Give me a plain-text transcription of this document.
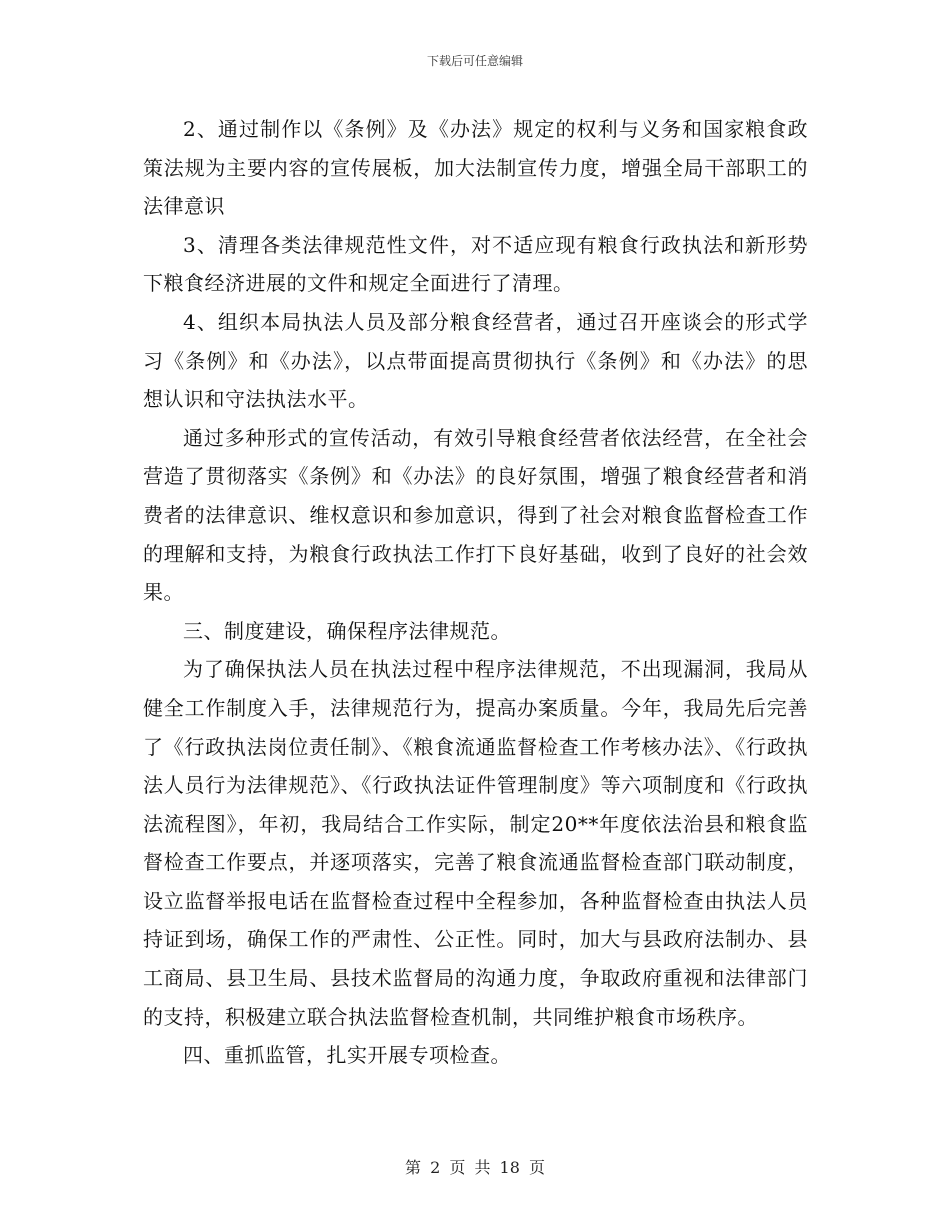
下载后可任意编辑

2、通过制作以《条例》及《办法》规定的权利与义务和国家粮食政策法规为主要内容的宣传展板，加大法制宣传力度，增强全局干部职工的法律意识

3、清理各类法律规范性文件，对不适应现有粮食行政执法和新形势下粮食经济进展的文件和规定全面进行了清理。

4、组织本局执法人员及部分粮食经营者，通过召开座谈会的形式学习《条例》和《办法》，以点带面提高贯彻执行《条例》和《办法》的思想认识和守法执法水平。

通过多种形式的宣传活动，有效引导粮食经营者依法经营，在全社会营造了贯彻落实《条例》和《办法》的良好氛围，增强了粮食经营者和消费者的法律意识、维权意识和参加意识，得到了社会对粮食监督检查工作的理解和支持，为粮食行政执法工作打下良好基础，收到了良好的社会效果。

三、制度建设，确保程序法律规范。

为了确保执法人员在执法过程中程序法律规范，不出现漏洞，我局从健全工作制度入手，法律规范行为，提高办案质量。今年，我局先后完善了《行政执法岗位责任制》、《粮食流通监督检查工作考核办法》、《行政执法人员行为法律规范》、《行政执法证件管理制度》等六项制度和《行政执法流程图》，年初，我局结合工作实际，制定20**年度依法治县和粮食监督检查工作要点，并逐项落实，完善了粮食流通监督检查部门联动制度，设立监督举报电话在监督检查过程中全程参加，各种监督检查由执法人员持证到场，确保工作的严肃性、公正性。同时，加大与县政府法制办、县工商局、县卫生局、县技术监督局的沟通力度，争取政府重视和法律部门的支持，积极建立联合执法监督检查机制，共同维护粮食市场秩序。

四、重抓监管，扎实开展专项检查。

第 2 页 共 18 页
